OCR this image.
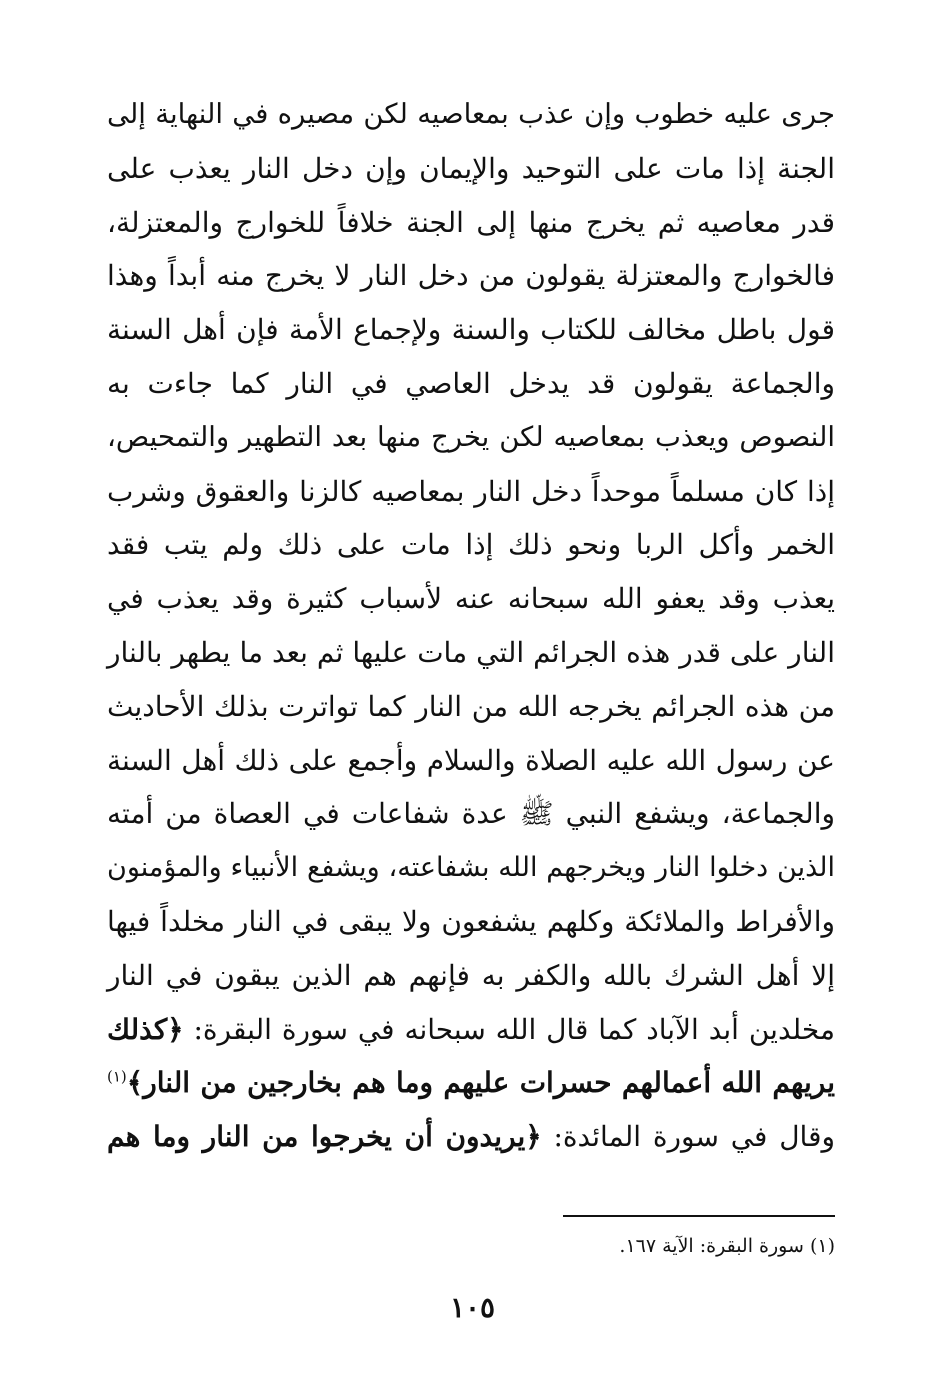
جرى عليه خطوب وإن عذب بمعاصيه لكن مصيره في النهاية إلى
الجنة إذا مات على التوحيد والإيمان وإن دخل النار يعذب على
قدر معاصيه ثم يخرج منها إلى الجنة خلافاً للخوارج والمعتزلة،
فالخوارج والمعتزلة يقولون من دخل النار لا يخرج منه أبداً وهذا
قول باطل مخالف للكتاب والسنة ولإجماع الأمة فإن أهل السنة
والجماعة يقولون قد يدخل العاصي في النار كما جاءت به
النصوص ويعذب بمعاصيه لكن يخرج منها بعد التطهير والتمحيص،
إذا كان مسلماً موحداً دخل النار بمعاصيه كالزنا والعقوق وشرب
الخمر وأكل الربا ونحو ذلك إذا مات على ذلك ولم يتب فقد
يعذب وقد يعفو الله سبحانه عنه لأسباب كثيرة وقد يعذب في
النار على قدر هذه الجرائم التي مات عليها ثم بعد ما يطهر بالنار
من هذه الجرائم يخرجه الله من النار كما تواترت بذلك الأحاديث
عن رسول الله عليه الصلاة والسلام وأجمع على ذلك أهل السنة
والجماعة، ويشفع النبي ﷺ عدة شفاعات في العصاة من أمته
الذين دخلوا النار ويخرجهم الله بشفاعته، ويشفع الأنبياء والمؤمنون
والأفراط والملائكة وكلهم يشفعون ولا يبقى في النار مخلداً فيها
إلا أهل الشرك بالله والكفر به فإنهم هم الذين يبقون في النار
مخلدين أبد الآباد كما قال الله سبحانه في سورة البقرة: ﴿كذلك
يريهم الله أعمالهم حسرات عليهم وما هم بخارجين من النار﴾$^{(١)}$
وقال في سورة المائدة: ﴿يريدون أن يخرجوا من النار وما هم
(١) سورة البقرة: الآية ١٦٧.
١٠٥
